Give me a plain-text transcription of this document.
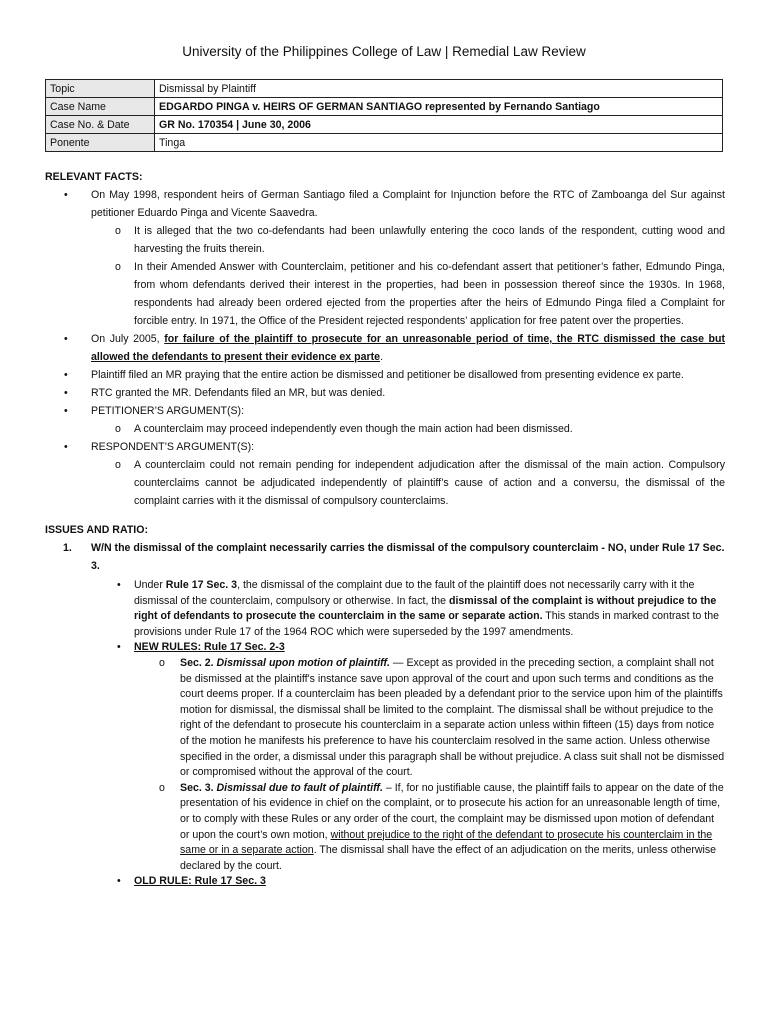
University of the Philippines College of Law | Remedial Law Review
Topic	Dismissal by Plaintiff
Case Name	EDGARDO PINGA v. HEIRS OF GERMAN SANTIAGO represented by Fernando Santiago
Case No. & Date	GR No. 170354 | June 30, 2006
Ponente	Tinga
RELEVANT FACTS:
• On May 1998, respondent heirs of German Santiago filed a Complaint for Injunction before the RTC of Zamboanga del Sur against petitioner Eduardo Pinga and Vicente Saavedra.
o It is alleged that the two co-defendants had been unlawfully entering the coco lands of the respondent, cutting wood and harvesting the fruits therein.
o In their Amended Answer with Counterclaim, petitioner and his co-defendant assert that petitioner’s father, Edmundo Pinga, from whom defendants derived their interest in the properties, had been in possession thereof since the 1930s. In 1968, respondents had already been ordered ejected from the properties after the heirs of Edmundo Pinga filed a Complaint for forcible entry. In 1971, the Office of the President rejected respondents’ application for free patent over the properties.
• On July 2005, for failure of the plaintiff to prosecute for an unreasonable period of time, the RTC dismissed the case but allowed the defendants to present their evidence ex parte.
• Plaintiff filed an MR praying that the entire action be dismissed and petitioner be disallowed from presenting evidence ex parte.
• RTC granted the MR. Defendants filed an MR, but was denied.
• PETITIONER’S ARGUMENT(S):
o A counterclaim may proceed independently even though the main action had been dismissed.
• RESPONDENT’S ARGUMENT(S):
o A counterclaim could not remain pending for independent adjudication after the dismissal of the main action. Compulsory counterclaims cannot be adjudicated independently of plaintiff’s cause of action and a conversu, the dismissal of the complaint carries with it the dismissal of compulsory counterclaims.
ISSUES AND RATIO:
1. W/N the dismissal of the complaint necessarily carries the dismissal of the compulsory counterclaim - NO, under Rule 17 Sec. 3.
• Under Rule 17 Sec. 3, the dismissal of the complaint due to the fault of the plaintiff does not necessarily carry with it the dismissal of the counterclaim, compulsory or otherwise. In fact, the dismissal of the complaint is without prejudice to the right of defendants to prosecute the counterclaim in the same or separate action. This stands in marked contrast to the provisions under Rule 17 of the 1964 ROC which were superseded by the 1997 amendments.
• NEW RULES: Rule 17 Sec. 2-3
o Sec. 2. Dismissal upon motion of plaintiff. — Except as provided in the preceding section, a complaint shall not be dismissed at the plaintiff's instance save upon approval of the court and upon such terms and conditions as the court deems proper. If a counterclaim has been pleaded by a defendant prior to the service upon him of the plaintiffs motion for dismissal, the dismissal shall be limited to the complaint. The dismissal shall be without prejudice to the right of the defendant to prosecute his counterclaim in a separate action unless within fifteen (15) days from notice of the motion he manifests his preference to have his counterclaim resolved in the same action. Unless otherwise specified in the order, a dismissal under this paragraph shall be without prejudice. A class suit shall not be dismissed or compromised without the approval of the court.
o Sec. 3. Dismissal due to fault of plaintiff. – If, for no justifiable cause, the plaintiff fails to appear on the date of the presentation of his evidence in chief on the complaint, or to prosecute his action for an unreasonable length of time, or to comply with these Rules or any order of the court, the complaint may be dismissed upon motion of defendant or upon the court’s own motion, without prejudice to the right of the defendant to prosecute his counterclaim in the same or in a separate action. The dismissal shall have the effect of an adjudication on the merits, unless otherwise declared by the court.
• OLD RULE: Rule 17 Sec. 3
